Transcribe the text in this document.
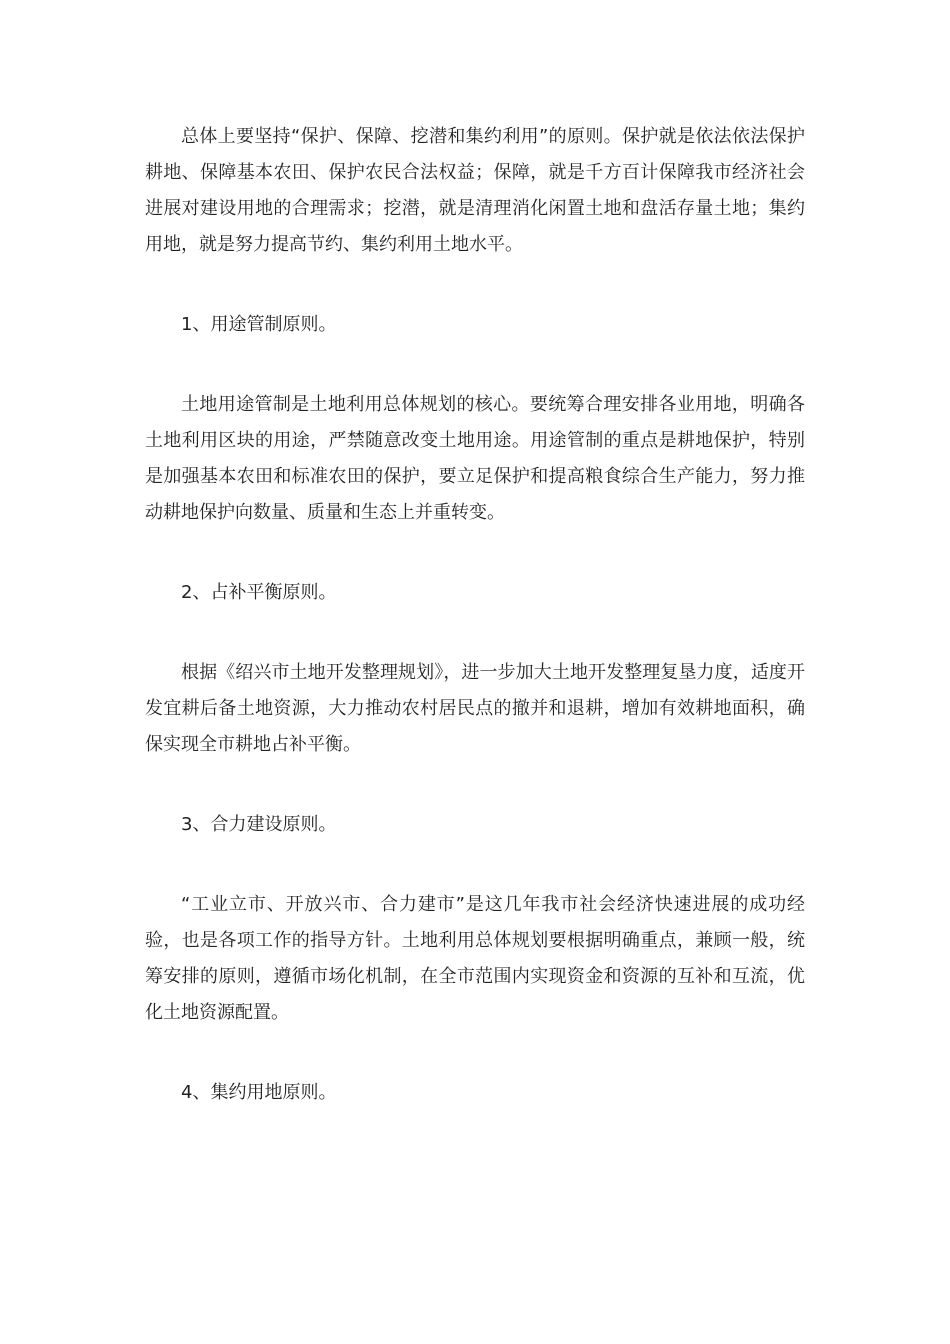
总体上要坚持“保护、保障、挖潜和集约利用”的原则。保护就是依法依法保护耕地、保障基本农田、保护农民合法权益；保障，就是千方百计保障我市经济社会进展对建设用地的合理需求；挖潜，就是清理消化闲置土地和盘活存量土地；集约用地，就是努力提高节约、集约利用土地水平。

1、用途管制原则。

土地用途管制是土地利用总体规划的核心。要统筹合理安排各业用地，明确各土地利用区块的用途，严禁随意改变土地用途。用途管制的重点是耕地保护，特别是加强基本农田和标准农田的保护，要立足保护和提高粮食综合生产能力，努力推动耕地保护向数量、质量和生态上并重转变。

2、占补平衡原则。

根据《绍兴市土地开发整理规划》，进一步加大土地开发整理复垦力度，适度开发宜耕后备土地资源，大力推动农村居民点的撤并和退耕，增加有效耕地面积，确保实现全市耕地占补平衡。

3、合力建设原则。

“工业立市、开放兴市、合力建市”是这几年我市社会经济快速进展的成功经验，也是各项工作的指导方针。土地利用总体规划要根据明确重点，兼顾一般，统筹安排的原则，遵循市场化机制，在全市范围内实现资金和资源的互补和互流，优化土地资源配置。

4、集约用地原则。
